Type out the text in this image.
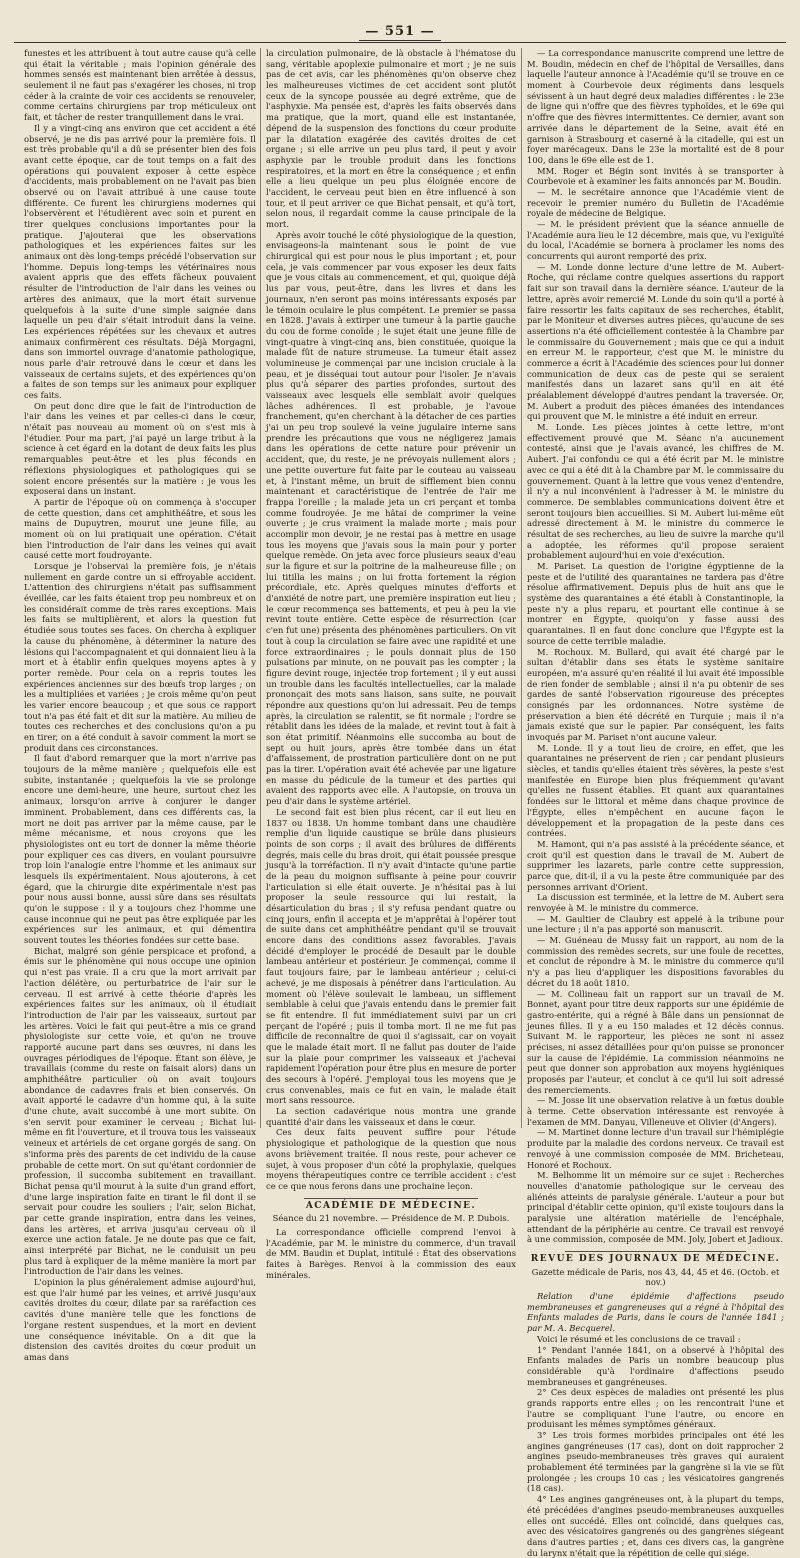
— 551 —

funestes et les attribuent à tout autre cause qu'à celle qui était la véritable ; mais l'opinion générale des hommes sensés est maintenant bien arrêtée à dessus, seulement il ne faut pas s'exagérer les choses, ni trop céder à la crainte de voir ces accidents se renouveler, comme certains chirurgiens par trop méticuleux ont fait, et tâcher de rester tranquillement dans le vrai.

Il y a vingt-cinq ans environ que cet accident a été observé, je ne dis pas arrivé pour la première fois. Il est très probable qu'il a dû se présenter bien des fois avant cette époque, car de tout temps on a fait des opérations qui pouvaient exposer à cette espèce d'accidents, mais probablement on ne l'avait pas bien observé ou on l'avait attribué à une cause toute différente. Ce furent les chirurgiens modernes qui l'observèrent et l'étudièrent avec soin et purent en tirer quelques conclusions importantes pour la pratique. J'ajouterai que les observations pathologiques et les expériences faites sur les animaux ont dès long-temps précédé l'observation sur l'homme. Depuis long-temps les vétérinaires nous avaient appris que des effets fâcheux pouvaient résulter de l'introduction de l'air dans les veines ou artères des animaux, que la mort était survenue quelquefois à la suite d'une simple saignée dans laquelle un peu d'air s'était introduit dans la veine. Les expériences répétées sur les chevaux et autres animaux confirmèrent ces résultats. Déjà Morgagni, dans son immortel ouvrage d'anatomie pathologique, nous parle d'air retrouvé dans le cœur et dans les vaisseaux de certains sujets, et des expériences qu'on a faites de son temps sur les animaux pour expliquer ces faits.

On peut donc dire que le fait de l'introduction de l'air dans les veines et par celles-ci dans le cœur, n'était pas nouveau au moment où on s'est mis à l'étudier. Pour ma part, j'ai payé un large tribut à la science à cet égard en la dotant de deux faits les plus remarquables peut-être et les plus féconds en réflexions physiologiques et pathologiques qui se soient encore présentés sur la matière : je vous les exposerai dans un instant.

A partir de l'époque où on commença à s'occuper de cette question, dans cet amphithéâtre, et sous les mains de Dupuytren, mourut une jeune fille, au moment où on lui pratiquait une opération. C'était bien l'introduction de l'air dans les veines qui avait causé cette mort foudroyante.

Lorsque je l'observai la première fois, je n'étais nullement en garde contre un si effroyable accident. L'attention des chirurgiens n'était pas suffisamment éveillée, car les faits étaient trop peu nombreux et on les considérait comme de très rares exceptions. Mais les faits se multiplièrent, et alors la question fut étudiée sous toutes ses faces. On chercha à expliquer la cause du phénomène, à déterminer la nature des lésions qui l'accompagnaient et qui donnaient lieu à la mort et à établir enfin quelques moyens aptes à y porter remède. Pour cela on a repris toutes les expériences anciennes sur des bœufs trop larges ; on les a multipliées et variées ; je crois même qu'on peut les varier encore beaucoup ; et que sous ce rapport tout n'a pas été fait et dit sur la matière. Au milieu de toutes ces recherches et des conclusions qu'on a pu en tirer, on a été conduit à savoir comment la mort se produit dans ces circonstances.

Il faut d'abord remarquer que la mort n'arrive pas toujours de la même manière ; quelquefois elle est subite, instantanée ; quelquefois la vie se prolonge encore une demi-heure, une heure, surtout chez les animaux, lorsqu'on arrive à conjurer le danger imminent. Probablement, dans ces différents cas, la mort ne doit pas arriver par la même cause, par le même mécanisme, et nous croyons que les physiologistes ont eu tort de donner la même théorie pour expliquer ces cas divers, en voulant poursuivre trop loin l'analogie entre l'homme et les animaux sur lesquels ils expérimentaient. Nous ajouterons, à cet égard, que la chirurgie dite expérimentale n'est pas pour nous aussi bonne, aussi sûre dans ses résultats qu'on le suppose : il y a toujours chez l'homme une cause inconnue qui ne peut pas être expliquée par les expériences sur les animaux, et qui démentira souvent toutes les théories fondées sur cette base.

Bichat, malgré son génie perspicace et profond, a émis sur le phénomène qui nous occupe une opinion qui n'est pas vraie. Il a cru que la mort arrivait par l'action délétère, ou perturbatrice de l'air sur le cerveau. Il est arrivé à cette théorie d'après les expériences faites sur les animaux, où il étudiait l'introduction de l'air par les vaisseaux, surtout par les artères. Voici le fait qui peut-être a mis ce grand physiologiste sur cette voie, et qu'on ne trouve rapporté aucune part dans ses œuvres, ni dans les ouvrages périodiques de l'époque. Étant son élève, je travaillais (comme du reste on faisait alors) dans un amphithéâtre particulier où on avait toujours abondance de cadavres frais et bien conservés. On avait apporté le cadavre d'un homme qui, à la suite d'une chute, avait succombé à une mort subite. On s'en servit pour examiner le cerveau ; Bichat lui-même en fit l'ouverture, et il trouva tous les vaisseaux veineux et artériels de cet organe gorgés de sang. On s'informa près des parents de cet individu de la cause probable de cette mort. On sut qu'étant cordonnier de profession, il succomba subitement en travaillant. Bichat pensa qu'il mourut à la suite d'un grand effort, d'une large inspiration faite en tirant le fil dont il se servait pour coudre les souliers ; l'air, selon Bichat, par cette grande inspiration, entra dans les veines, dans les artères, et arriva jusqu'au cerveau où il exerce une action fatale. Je ne doute pas que ce fait, ainsi interprété par Bichat, ne le conduisit un peu plus tard à expliquer de la même manière la mort par l'introduction de l'air dans les veines.

L'opinion la plus généralement admise aujourd'hui, est que l'air humé par les veines, et arrivé jusqu'aux cavités droites du cœur, dilate par sa raréfaction ces cavités d'une manière telle que les fonctions de l'organe restent suspendues, et la mort en devient une conséquence inévitable. On a dit que la distension des cavités droites du cœur produit un amas dans

la circulation pulmonaire, de là obstacle à l'hématose du sang, véritable apoplexie pulmonaire et mort ; je ne suis pas de cet avis, car les phénomènes qu'on observe chez les malheureuses victimes de cet accident sont plutôt ceux de la syncope poussée au degré extrême, que de l'asphyxie. Ma pensée est, d'après les faits observés dans ma pratique, que la mort, quand elle est instantanée, dépend de la suspension des fonctions du cœur produite par la dilatation exagérée des cavités droites de cet organe ; si elle arrive un peu plus tard, il peut y avoir asphyxie par le trouble produit dans les fonctions respiratoires, et la mort en être la conséquence ; et enfin elle a lieu quelque un peu plus éloignée encore de l'accident, le cerveau peut bien en être influencé à son tour, et il peut arriver ce que Bichat pensait, et qu'à tort, selon nous, il regardait comme la cause principale de la mort.

Après avoir touché le côté physiologique de la question, envisageons-la maintenant sous le point de vue chirurgical qui est pour nous le plus important ; et, pour cela, je vais commencer par vous exposer les deux faits que je vous citais au commencement, et qui, quoique déjà lus par vous, peut-être, dans les livres et dans les journaux, n'en seront pas moins intéressants exposés par le témoin oculaire le plus compétent. Le premier se passa en 1828. J'avais à extirper une tumeur à la partie gauche du cou de forme conoïde ; le sujet était une jeune fille de vingt-quatre à vingt-cinq ans, bien constituée, quoique la malade fût de nature strumeuse. La tumeur était assez volumineuse je commençai par une incision cruciale à la peau, et je disséquai tout autour pour l'isoler. Je n'avais plus qu'à séparer des parties profondes, surtout des vaisseaux avec lesquels elle semblait avoir quelques lâches adhérences. Il est probable, je l'avoue franchement, qu'en cherchant à la détacher de ces parties j'ai un peu trop soulevé la veine jugulaire interne sans prendre les précautions que vous ne négligerez jamais dans les opérations de cette nature pour prévenir un accident, que, du reste, je ne prévoyais nullement alors ; une petite ouverture fut faite par le couteau au vaisseau et, à l'instant même, un bruit de sifflement bien connu maintenant et caractéristique de l'entrée de l'air me frappa l'oreille ; la malade jeta un cri perçant et tomba comme foudroyée. Je me hâtai de comprimer la veine ouverte ; je crus vraiment la malade morte ; mais pour accomplir mon devoir, je ne restai pas à mettre en usage tous les moyens que j'avais sous la main pour y porter quelque remède. On jeta avec force plusieurs seaux d'eau sur la figure et sur la poitrine de la malheureuse fille ; on lui titilla les mains ; on lui frotta fortement la région précordiale, etc. Après quelques minutes d'efforts et d'anxiété de notre part, une première inspiration eut lieu ; le cœur recommença ses battements, et peu à peu la vie revint toute entière. Cette espèce de résurrection (car c'en fut une) présenta des phénomènes particuliers. On vit tout à coup la circulation se faire avec une rapidité et une force extraordinaires ; le pouls donnait plus de 150 pulsations par minute, on ne pouvait pas les compter ; la figure devint rouge, injectée trop fortement ; il y eut aussi un trouble dans les facultés intellectuelles, car la malade prononçait des mots sans liaison, sans suite, ne pouvait répondre aux questions qu'on lui adressait. Peu de temps après, la circulation se ralentit, se fit normale ; l'ordre se rétablit dans les idées de la malade, et revint tout à fait à son état primitif. Néanmoins elle succomba au bout de sept ou huit jours, après être tombée dans un état d'affaissement, de prostration particulière dont on ne put pas la tirer. L'opération avait été achevée par une ligature en masse du pédicule de la tumeur et des parties qui avaient des rapports avec elle. A l'autopsie, on trouva un peu d'air dans le système artériel.

Le second fait est bien plus récent, car il eut lieu en 1837 ou 1838. Un homme tombant dans une chaudière remplie d'un liquide caustique se brûle dans plusieurs points de son corps ; il avait des brûlures de différents degrés, mais celle du bras droit, qui était poussée presque jusqu'à la torréfaction. Il n'y avait d'intacte qu'une partie de la peau du moignon suffisante à peine pour couvrir l'articulation si elle était ouverte. Je n'hésitai pas à lui proposer la seule ressource qui lui restait, la désarticulation du bras ; il s'y refusa pendant quatre ou cinq jours, enfin il accepta et je m'apprêtai à l'opérer tout de suite dans cet amphithéâtre pendant qu'il se trouvait encore dans des conditions assez favorables. J'avais décidé d'employer le procédé de Desault par le double lambeau antérieur et postérieur. Je commençai, comme il faut toujours faire, par le lambeau antérieur ; celui-ci achevé, je me disposais à pénétrer dans l'articulation. Au moment où l'élève soulevait le lambeau, un sifflement semblable à celui que j'avais entendu dans le premier fait se fit entendre. Il fut immédiatement suivi par un cri perçant de l'opéré ; puis il tomba mort. Il ne me fut pas difficile de reconnaître de quoi il s'agissait, car on voyait que le malade était mort. Il ne fallut pas douter de l'aide sur la plaie pour comprimer les vaisseaux et j'achevai rapidement l'opération pour être plus en mesure de porter des secours à l'opéré. J'employai tous les moyens que je crus convenables, mais ce fut en vain, le malade était mort sans ressource.

La section cadavérique nous montra une grande quantité d'air dans les vaisseaux et dans le cœur.

Ces deux faits peuvent suffire pour l'étude physiologique et pathologique de la question que nous avons brièvement traitée. Il nous reste, pour achever ce sujet, à vous proposer d'un côté la prophylaxie, quelques moyens thérapeutiques contre ce terrible accident : c'est ce ce que nous ferons dans une prochaine leçon.

ACADÉMIE DE MÉDECINE.

Séance du 21 novembre. — Présidence de M. P. Dubois.

La correspondance officielle comprend l'envoi à l'Académie, par M. le ministre du commerce, d'un travail de MM. Baudin et Duplat, intitulé : État des observations faites à Barèges. Renvoi à la commission des eaux minérales.

— La correspondance manuscrite comprend une lettre de M. Boudin, médecin en chef de l'hôpital de Versailles, dans laquelle l'auteur annonce à l'Académie qu'il se trouve en ce moment à Courbevoie deux régiments dans lesquels sévissent à un haut degré deux maladies différentes : le 23e de ligne qui n'offre que des fièvres typhoïdes, et le 69e qui n'offre que des fièvres intermittentes. Ce dernier, avant son arrivée dans le département de la Seine, avait été en garnison à Strasbourg et caserné à la citadelle, qui est un foyer marécageux. Dans le 23e la mortalité est de 8 pour 100, dans le 69e elle est de 1.

MM. Roger et Bégin sont invités à se transporter à Courbevoie et à examiner les faits annoncés par M. Boudin.

— M. le secrétaire annonce que l'Académie vient de recevoir le premier numéro du Bulletin de l'Académie royale de médecine de Belgique.

— M. le président prévient que la séance annuelle de l'Académie aura lieu le 12 décembre, mais que, vu l'exiguïté du local, l'Académie se bornera à proclamer les noms des concurrents qui auront remporté des prix.

— M. Londe donne lecture d'une lettre de M. Aubert-Roche, qui réclame contre quelques assertions du rapport fait sur son travail dans la dernière séance. L'auteur de la lettre, après avoir remercié M. Londe du soin qu'il a porté à faire ressortir les faits capitaux de ses recherches, établit, par le Moniteur et diverses autres pièces, qu'aucune de ses assertions n'a été officiellement contestée à la Chambre par le commissaire du Gouvernement ; mais que ce qui a induit en erreur M. le rapporteur, c'est que M. le ministre du commerce a écrit à l'Académie des sciences pour lui donner communication de deux cas de peste qui se seraient manifestés dans un lazaret sans qu'il en ait été préalablement développé d'autres pendant la traversée. Or, M. Aubert a produit des pièces émanées des intendances qui prouvent que M. le ministre a été induit en erreur.

M. Londe. Les pièces jointes à cette lettre, m'ont effectivement prouvé que M. Séanc n'a aucunement contesté, ainsi que je l'avais avancé, les chiffres de M. Aubert. J'ai confondu ce qui a été écrit par M. le ministre avec ce qui a été dit à la Chambre par M. le commissaire du gouvernement. Quant à la lettre que vous venez d'entendre, il n'y a nul inconvénient à l'adresser à M. le ministre du commerce. De semblables communications doivent être et seront toujours bien accueillies. Si M. Aubert lui-même eût adressé directement à M. le ministre du commerce le résultat de ses recherches, au lieu de suivre la marche qu'il a adoptée, les réformes qu'il propose seraient probablement aujourd'hui en voie d'exécution.

M. Pariset. La question de l'origine égyptienne de la peste et de l'utilité des quarantaines ne tardera pas d'être résolue affirmativement. Depuis plus de huit ans que le système des quarantaines a été établi à Constantinople, la peste n'y a plus reparu, et pourtant elle continue à se montrer en Égypte, quoiqu'on y fasse aussi des quarantaines. Il en faut donc conclure que l'Égypte est la source de cette terrible maladie.

M. Rochoux. M. Bullard, qui avait été chargé par le sultan d'établir dans ses états le système sanitaire européen, m'a assuré qu'en réalité il lui avait été impossible de rien fonder de semblable ; ainsi il n'a pu obtenir de ses gardes de santé l'observation rigoureuse des préceptes consignés par les ordonnances. Notre système de préservation a bien été décrété en Turquie ; mais il n'a jamais existé que sur le papier. Par conséquent, les faits invoqués par M. Pariset n'ont aucune valeur.

M. Londe. Il y a tout lieu de croire, en effet, que les quarantaines ne préservent de rien ; car pendant plusieurs siècles, et tandis qu'elles étaient très sévères, la peste s'est manifestée en Europe bien plus fréquemment qu'avant qu'elles ne fussent établies. Et quant aux quarantaines fondées sur le littoral et même dans chaque province de l'Égypte, elles n'empêchent en aucune façon le développement et la propagation de la peste dans ces contrées.

M. Hamont, qui n'a pas assisté à la précédente séance, et croit qu'il est question dans le travail de M. Aubert de supprimer les lazarets, parle contre cette suppression, parce que, dit-il, il a vu la peste être communiquée par des personnes arrivant d'Orient.

La discussion est terminée, et la lettre de M. Aubert sera renvoyée à M. le ministre du commerce.

— M. Gaultier de Claubry est appelé à la tribune pour une lecture ; il n'a pas apporté son manuscrit.

— M. Guéneau de Mussy fait un rapport, au nom de la commission des remèdes secrets, sur une foule de recettes, et conclut de répondre à M. le ministre du commerce qu'il n'y a pas lieu d'appliquer les dispositions favorables du décret du 18 août 1810.

— M. Collineau fait un rapport sur un travail de M. Bonnet, ayant pour titre deux rapports sur une épidémie de gastro-entérite, qui a régné à Bâle dans un pensionnat de jeunes filles. Il y a eu 150 malades et 12 décès connus. Suivant M. le rapporteur, les pièces ne sont ni assez précises, ni assez détaillées pour qu'on puisse se prononcer sur la cause de l'épidémie. La commission néanmoins ne peut que donner son approbation aux moyens hygiéniques proposés par l'auteur, et conclut à ce qu'il lui soit adressé des remerciements.

— M. Josse lit une observation relative à un fœtus double à terme. Cette observation intéressante est renvoyée à l'examen de MM. Danyau, Villeneuve et Olivier (d'Angers).

— M. Martinet donne lecture d'un travail sur l'hémiplégie produite par la maladie des cordons nerveux. Ce travail est renvoyé à une commission composée de MM. Bricheteau, Honoré et Rochoux.

M. Belhomme lit un mémoire sur ce sujet : Recherches nouvelles d'anatomie pathologique sur le cerveau des aliénés atteints de paralysie générale. L'auteur a pour but principal d'établir cette opinion, qu'il existe toujours dans la paralysie une altération matérielle de l'encéphale, attendant de la périphérie au centre. Ce travail est renvoyé à une commission, composée de MM. Joly, Jobert et Jadioux.

REVUE DES JOURNAUX DE MÉDECINE.

Gazette médicale de Paris, nos 43, 44, 45 et 46. (Octob. et nov.)

Relation d'une épidémie d'affections pseudo membraneuses et gangreneuses qui a régné à l'hôpital des Enfants malades de Paris, dans le cours de l'année 1841 ; par M. A. Becquerel.

Voici le résumé et les conclusions de ce travail :

1° Pendant l'année 1841, on a observé à l'hôpital des Enfants malades de Paris un nombre beaucoup plus considérable qu'à l'ordinaire d'affections pseudo membraneuses et gangréneuses.

2° Ces deux espèces de maladies ont présenté les plus grands rapports entre elles ; on les rencontrait l'une et l'autre se compliquant l'une l'autre, ou encore en produisant les mêmes symptômes généraux.

3° Les trois formes morbides principales ont été les angines gangréneuses (17 cas), dont on doit rapprocher 2 angines pseudo-membraneuses très graves qui auraient probablement été terminées par la gangrène si la vie se fût prolongée ; les croups 10 cas ; les vésicatoires gangrenés (18 cas).

4° Les angines gangréneuses ont, à la plupart du temps, été précédées d'angines pseudo-membraneuses auxquelles elles ont succédé. Elles ont coïncidé, dans quelques cas, avec des vésicatoires gangrenés ou des gangrènes siégeant dans d'autres parties ; et, dans ces divers cas, la gangrène du larynx n'était que la répétition de celle qui siége.
